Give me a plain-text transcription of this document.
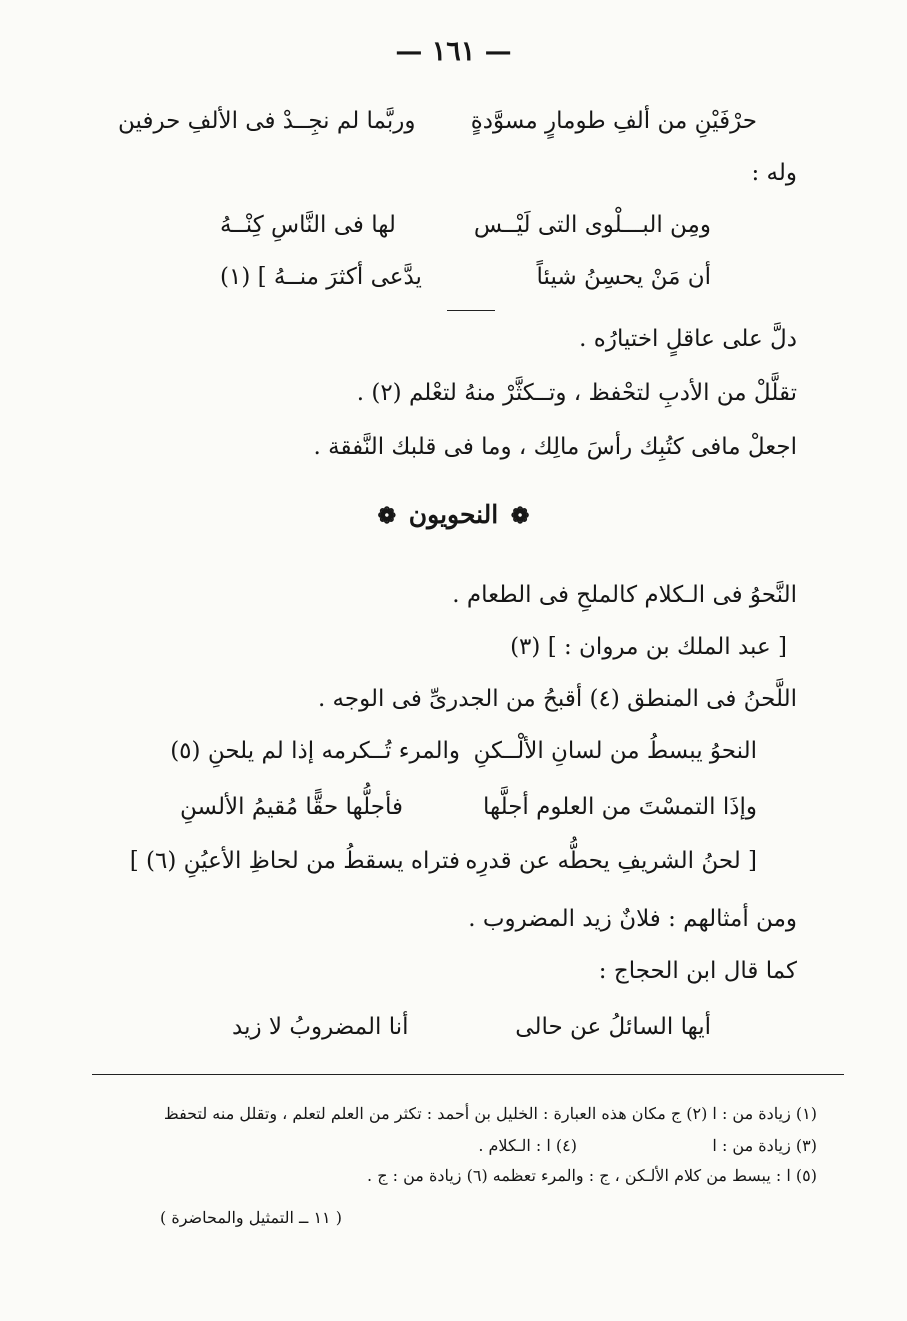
— ١٦١ —
حرْفَيْنِ من ألفِ طومارٍ مسوَّدةٍ
وربَّما لم نجِــدْ فى الألفِ حرفين
وله :
ومِن البـــلْوى التى لَيْــس
لها فى النَّاسِ كِنْــهُ
أن مَنْ يحسِنُ شيئاً
يدَّعى أكثرَ منــهُ ] (١)
دلَّ على عاقلٍ اختيارُه .
تقلَّلْ من الأدبِ لتحْفظ ، وتــكثَّرْ منهُ لتعْلم (٢) .
اجعلْ مافى كتُبِك رأسَ مالِك ، وما فى قلبك النَّفقة .
❁ النحويون ❁
النَّحوُ فى الـكلام كالملحِ فى الطعام .
[ عبد الملك بن مروان : ] (٣)
اللَّحنُ فى المنطق (٤) أقبحُ من الجدرىِّ فى الوجه .
النحوُ يبسطُ من لسانِ الألْــكنِ
والمرء تُــكرمه إذا لم يلحنِ (٥)
وإذَا التمسْتَ من العلوم أجلَّها
فأجلُّها حقًّا مُقيمُ الألسنِ
[ لحنُ الشريفِ يحطُّه عن قدرِه
فتراه يسقطُ من لحاظِ الأعيُنِ (٦) ]
ومن أمثالهم : فلانٌ زيد المضروب .
كما قال ابن الحجاج :
أيها السائلُ عن حالى
أنا المضروبُ لا زيد
(١) زيادة من : ا (٢) ج مكان هذه العبارة : الخليل بن أحمد : تكثر من العلم لتعلم ، وتقلل منه لتحفظ
(٣) زيادة من : ا
(٤) ا : الـكلام .
(٥) ا : يبسط من كلام الألـكن ، ج : والمرء تعظمه (٦) زيادة من : ج .
( ١١ ــ التمثيل والمحاضرة )
